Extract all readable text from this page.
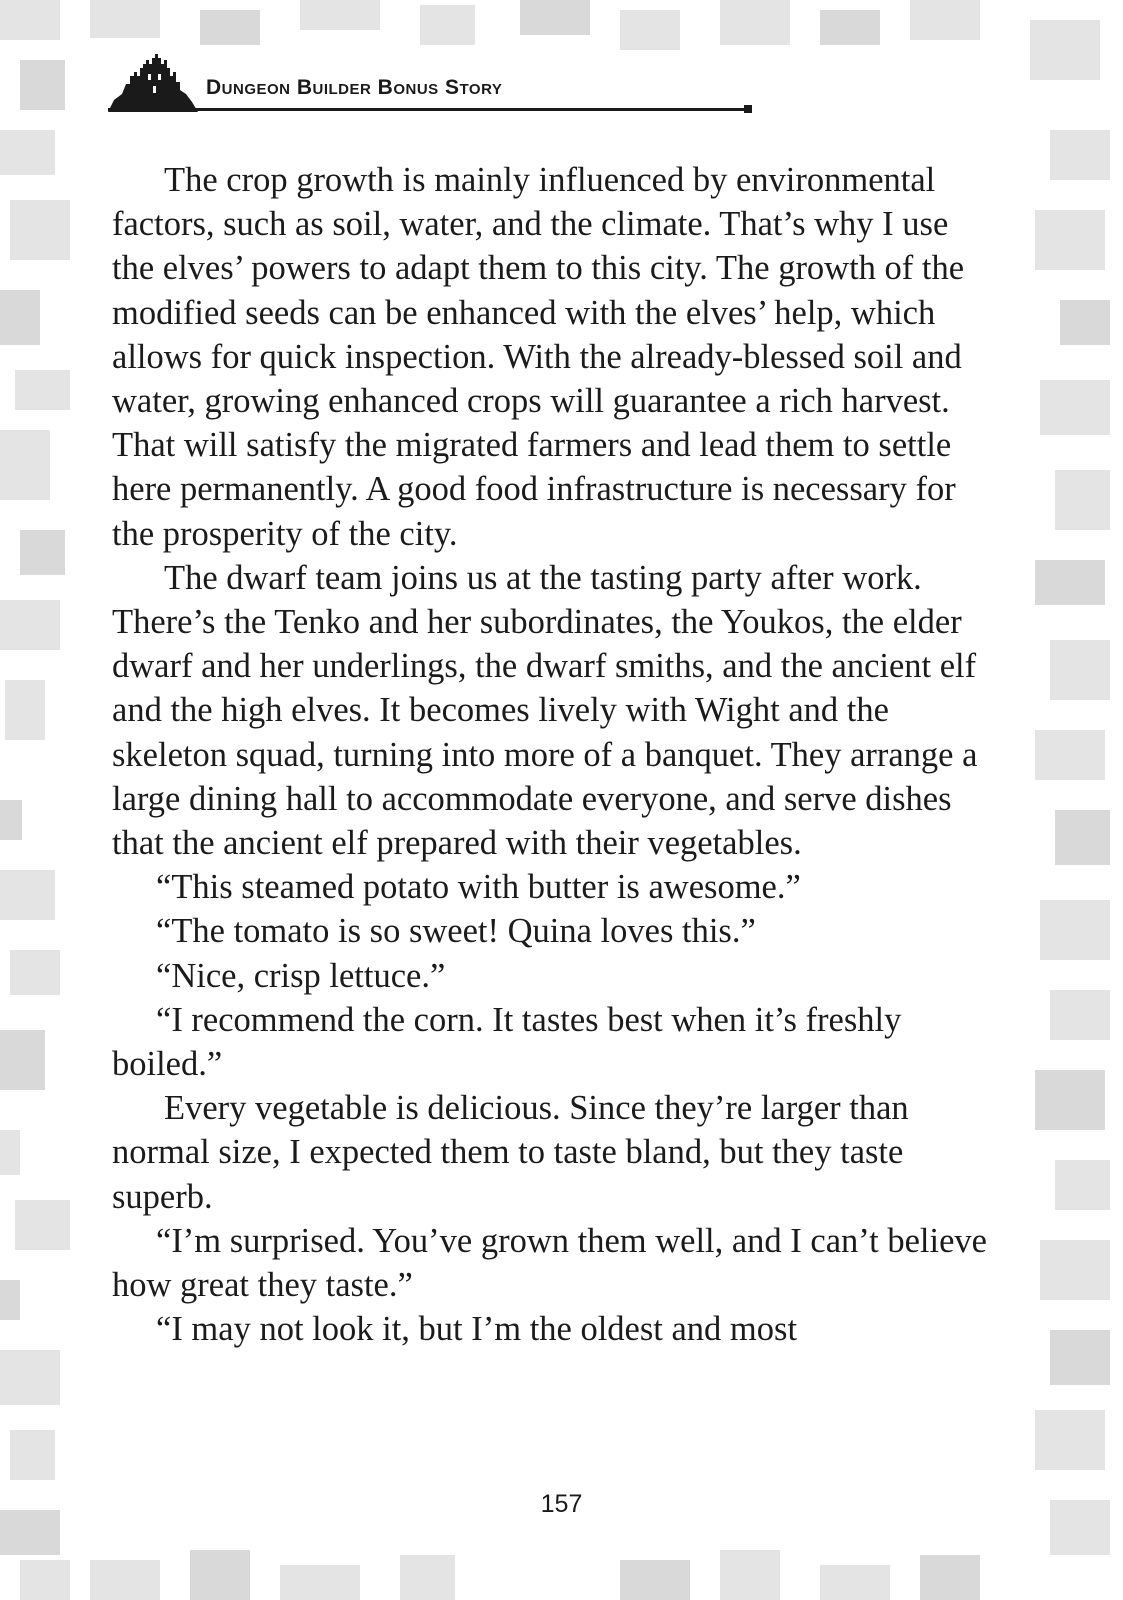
Dungeon Builder Bonus Story

The crop growth is mainly influenced by environmental factors, such as soil, water, and the climate. That’s why I use the elves’ powers to adapt them to this city. The growth of the modified seeds can be enhanced with the elves’ help, which allows for quick inspection. With the already-blessed soil and water, growing enhanced crops will guarantee a rich harvest. That will satisfy the migrated farmers and lead them to settle here permanently. A good food infrastructure is necessary for the prosperity of the city.

The dwarf team joins us at the tasting party after work. There’s the Tenko and her subordinates, the Youkos, the elder dwarf and her underlings, the dwarf smiths, and the ancient elf and the high elves. It becomes lively with Wight and the skeleton squad, turning into more of a banquet. They arrange a large dining hall to accommodate everyone, and serve dishes that the ancient elf prepared with their vegetables.

“This steamed potato with butter is awesome.”

“The tomato is so sweet! Quina loves this.”

“Nice, crisp lettuce.”

“I recommend the corn. It tastes best when it’s freshly boiled.”

Every vegetable is delicious. Since they’re larger than normal size, I expected them to taste bland, but they taste superb.

“I’m surprised. You’ve grown them well, and I can’t believe how great they taste.”

“I may not look it, but I’m the oldest and most

157
